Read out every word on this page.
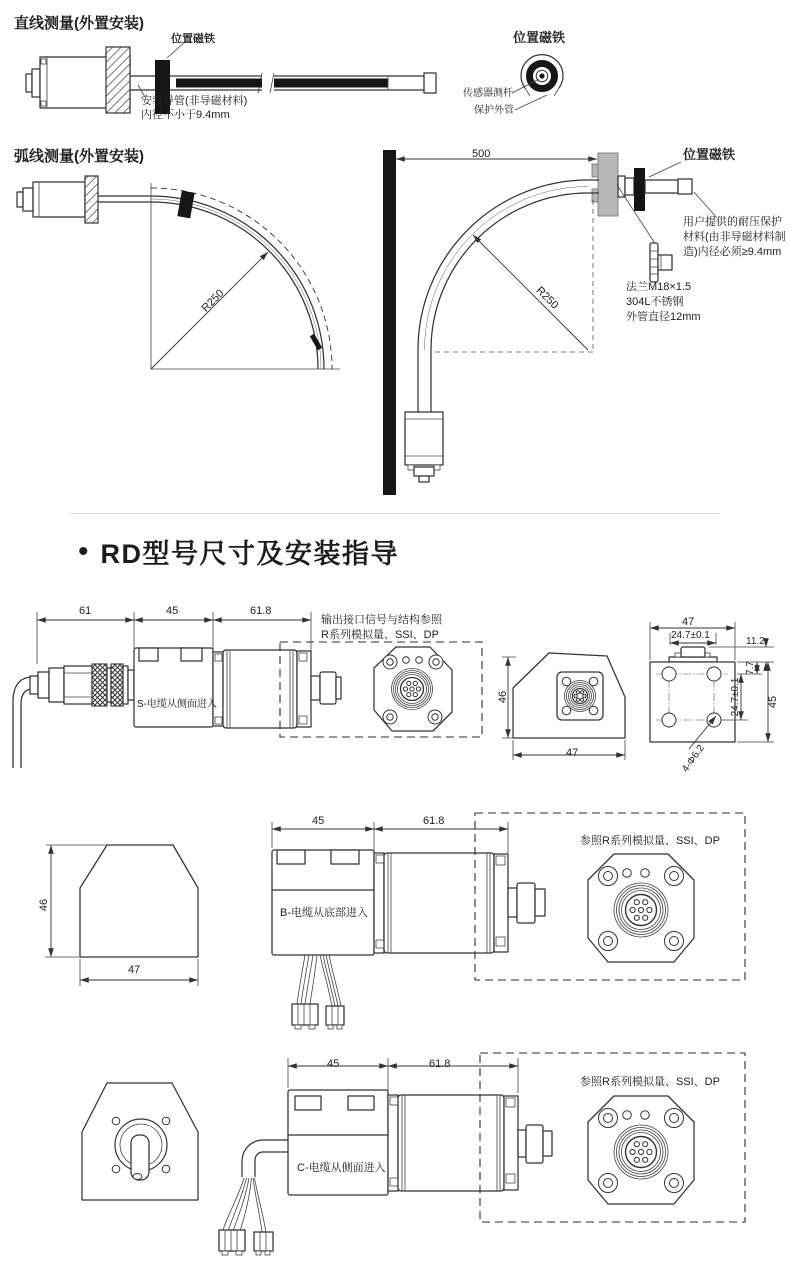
直线测量(外置安装)
位置磁铁
安装导管(非导磁材料)
内径不小于9.4mm
位置磁铁
传感器测杆
保护外管
弧线测量(外置安装)
R250
500	位置磁铁
R250
用户提供的耐压保护
材料(由非导磁材料制
造)内径必须≥9.4mm
法兰M18×1.5
304L不锈钢
外管直径12mm
• RD型号尺寸及安装指导
61	45	61.8
S-电缆从侧面进入
输出接口信号与结构参照
R系列模拟量、SSI、DP
46
47
47
24.7±0.1
11.2
7.7
24.7±0.1 45
4-Φ6.2
46
47
45	61.8
B-电缆从底部进入
参照R系列模拟量、SSI、DP
45	61.8
C-电缆从侧面进入
参照R系列模拟量、SSI、DP
